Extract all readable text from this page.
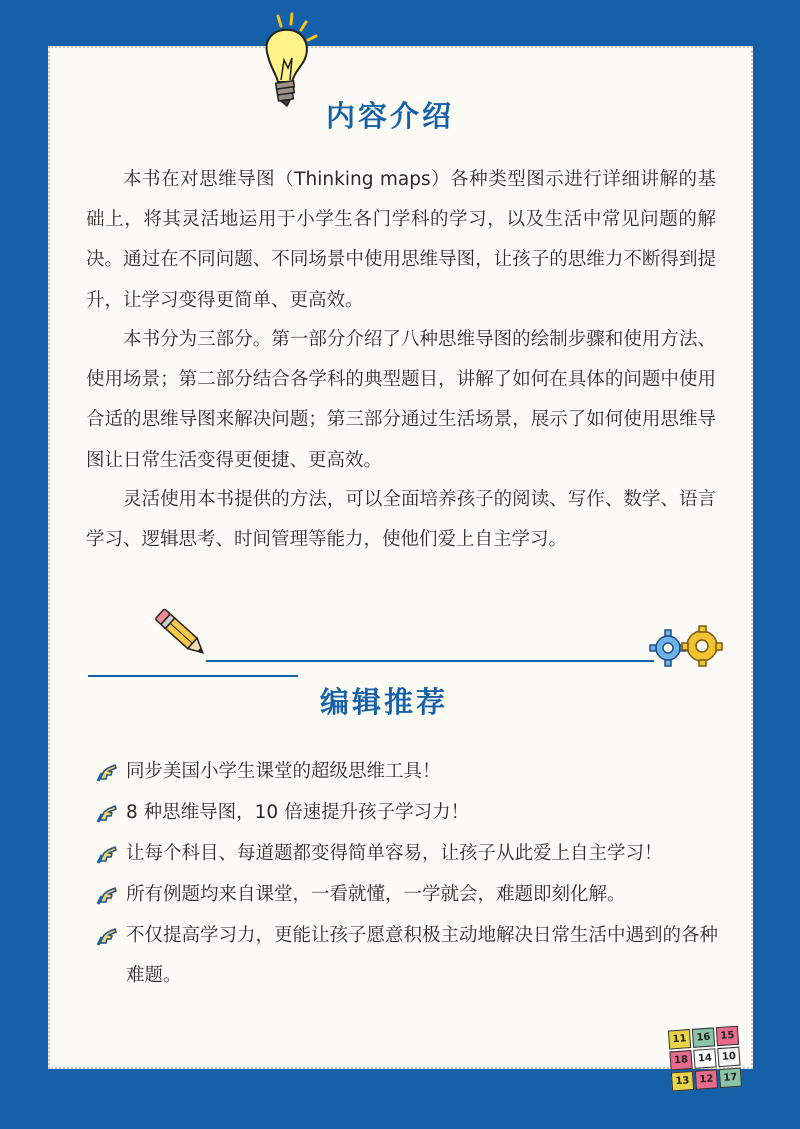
内容介绍

本书在对思维导图（Thinking maps）各种类型图示进行详细讲解的基础上，将其灵活地运用于小学生各门学科的学习，以及生活中常见问题的解决。通过在不同问题、不同场景中使用思维导图，让孩子的思维力不断得到提升，让学习变得更简单、更高效。

本书分为三部分。第一部分介绍了八种思维导图的绘制步骤和使用方法、使用场景；第二部分结合各学科的典型题目，讲解了如何在具体的问题中使用合适的思维导图来解决问题；第三部分通过生活场景，展示了如何使用思维导图让日常生活变得更便捷、更高效。

灵活使用本书提供的方法，可以全面培养孩子的阅读、写作、数学、语言学习、逻辑思考、时间管理等能力，使他们爱上自主学习。

编辑推荐
同步美国小学生课堂的超级思维工具！
8 种思维导图，10 倍速提升孩子学习力！
让每个科目、每道题都变得简单容易，让孩子从此爱上自主学习！
所有例题均来自课堂，一看就懂，一学就会，难题即刻化解。
不仅提高学习力，更能让孩子愿意积极主动地解决日常生活中遇到的各种难题。
11 16 15
18 14 10
13 12 17
